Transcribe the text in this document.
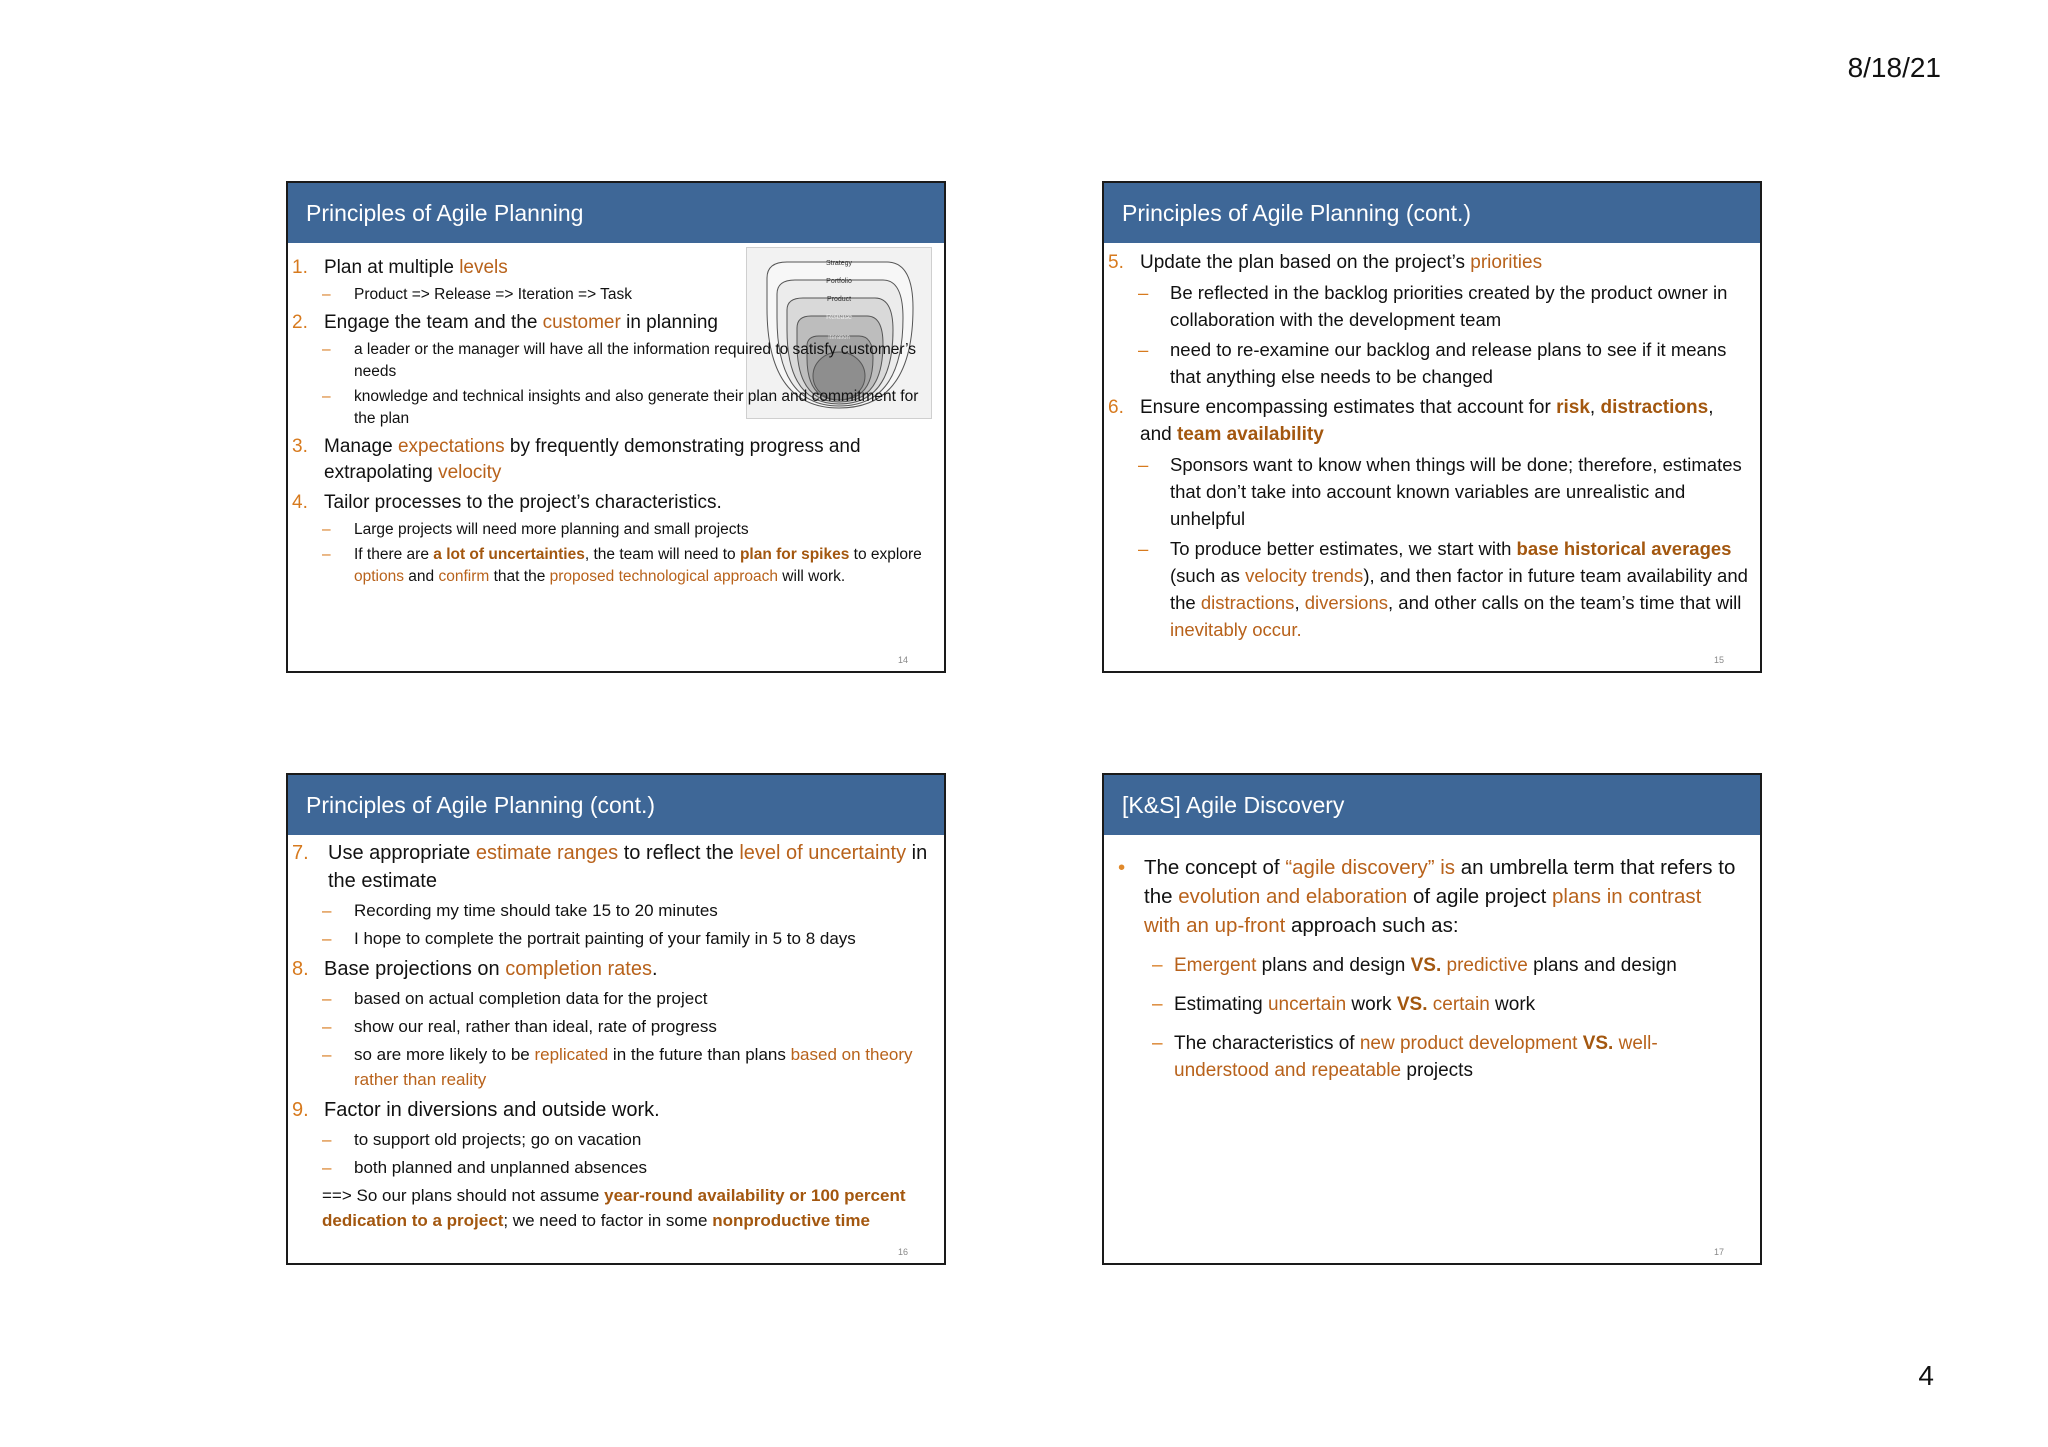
8/18/21
Principles of Agile Planning
Strategy
Portfolio
Product
Release
Iteration
1. Plan at multiple levels
– Product => Release => Iteration => Task
2. Engage the team and the customer in planning
– a leader or the manager will have all the information required to satisfy customer’s needs
– knowledge and technical insights and also generate their plan and commitment for the plan
3. Manage expectations by frequently demonstrating progress and extrapolating velocity
4. Tailor processes to the project’s characteristics.
– Large projects will need more planning and small projects
– If there are a lot of uncertainties, the team will need to plan for spikes to explore options and confirm that the proposed technological approach will work.
14
Principles of Agile Planning (cont.)
5. Update the plan based on the project’s priorities
– Be reflected in the backlog priorities created by the product owner in collaboration with the development team
– need to re-examine our backlog and release plans to see if it means that anything else needs to be changed
6. Ensure encompassing estimates that account for risk, distractions, and team availability
– Sponsors want to know when things will be done; therefore, estimates that don’t take into account known variables are unrealistic and unhelpful
– To produce better estimates, we start with base historical averages (such as velocity trends), and then factor in future team availability and the distractions, diversions, and other calls on the team’s time that will inevitably occur.
15
Principles of Agile Planning (cont.)
7. Use appropriate estimate ranges to reflect the level of uncertainty in the estimate
– Recording my time should take 15 to 20 minutes
– I hope to complete the portrait painting of your family in 5 to 8 days
8. Base projections on completion rates.
– based on actual completion data for the project
– show our real, rather than ideal, rate of progress
– so are more likely to be replicated in the future than plans based on theory rather than reality
9. Factor in diversions and outside work.
– to support old projects; go on vacation
– both planned and unplanned absences
==> So our plans should not assume year-round availability or 100 percent dedication to a project; we need to factor in some nonproductive time
16
[K&S] Agile Discovery
• The concept of “agile discovery” is an umbrella term that refers to the evolution and elaboration of agile project plans in contrast with an up-front approach such as:
– Emergent plans and design VS. predictive plans and design
– Estimating uncertain work VS. certain work
– The characteristics of new product development VS. well-understood and repeatable projects
17
4
